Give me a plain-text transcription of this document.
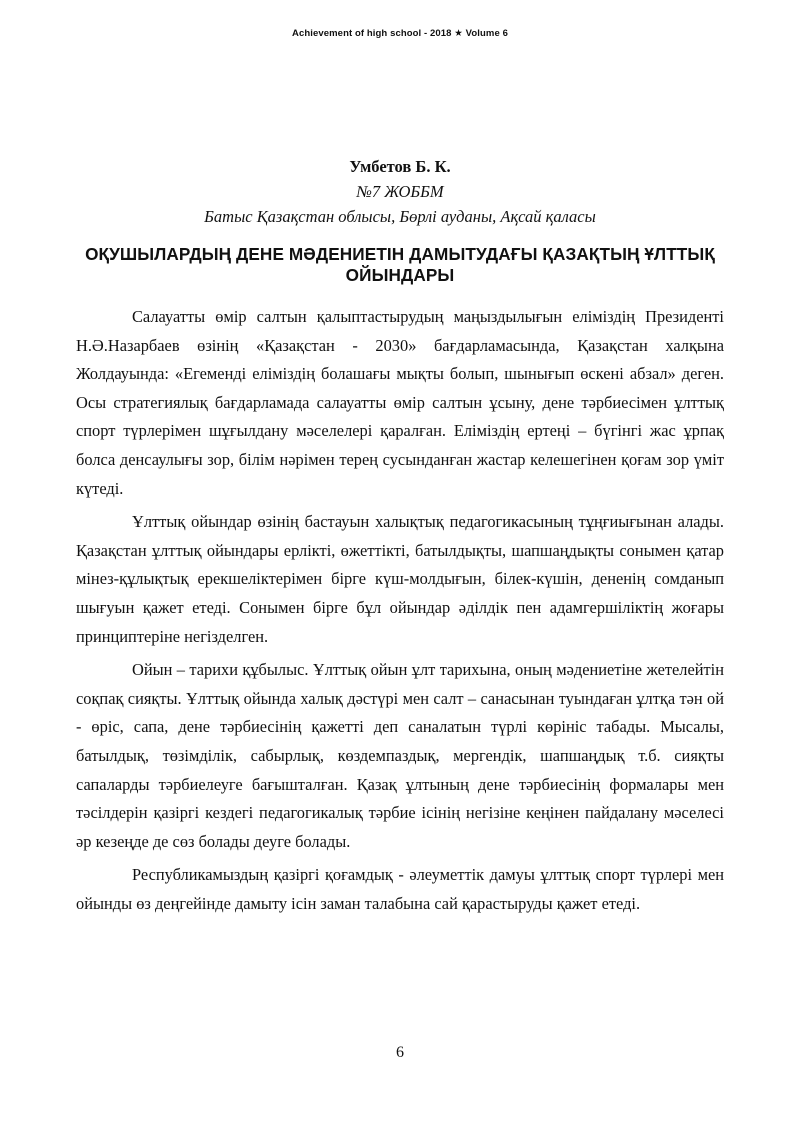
Achievement of high school - 2018 ★ Volume 6
Умбетов Б. К.
№7 ЖОББМ
Батыс Қазақстан облысы, Бөрлі ауданы, Ақсай қаласы
ОҚУШЫЛАРДЫҢ ДЕНЕ МӘДЕНИЕТІН ДАМЫТУДАҒЫ ҚАЗАҚТЫҢ ҰЛТТЫҚ ОЙЫНДАРЫ

Салауатты өмір салтын қалыптастырудың маңыздылығын еліміздің Президенті Н.Ә.Назарбаев өзінің «Қазақстан - 2030» бағдарламасында, Қазақстан халқына Жолдауында: «Егеменді еліміздің болашағы мықты болып, шынығып өскені абзал» деген. Осы стратегиялық бағдарламада салауатты өмір салтын ұсыну, дене тәрбиесімен ұлттық спорт түрлерімен шұғылдану мәселелері қаралған. Еліміздің ертеңі – бүгінгі жас ұрпақ болса денсаулығы зор, білім нәрімен терең сусынданған жастар келешегінен қоғам зор үміт күтеді.

Ұлттық ойындар өзінің бастауын халықтық педагогикасының тұңғиығынан алады. Қазақстан ұлттық ойындары ерлікті, өжеттікті, батылдықты, шапшаңдықты сонымен қатар мінез-құлықтық ерекшеліктерімен бірге күш-молдығын, білек-күшін, дененің сомданып шығуын қажет етеді. Сонымен бірге бұл ойындар әділдік пен адамгершіліктің жоғары принциптеріне негізделген.

Ойын – тарихи құбылыс. Ұлттық ойын ұлт тарихына, оның мәдениетіне жетелейтін соқпақ сияқты. Ұлттық ойында халық дәстүрі мен салт – санасынан туындаған ұлтқа тән ой - өріс, сапа, дене тәрбиесінің қажетті деп саналатын түрлі көрініс табады. Мысалы, батылдық, төзімділік, сабырлық, көздемпаздық, мергендік, шапшаңдық т.б. сияқты сапаларды тәрбиелеуге бағышталған. Қазақ ұлтының дене тәрбиесінің формалары мен тәсілдерін қазіргі кездегі педагогикалық тәрбие ісінің негізіне кеңінен пайдалану мәселесі әр кезеңде де сөз болады деуге болады.

Республикамыздың қазіргі қоғамдық - әлеуметтік дамуы ұлттық спорт түрлері мен ойынды өз деңгейінде дамыту ісін заман талабына сай қарастыруды қажет етеді.

6
